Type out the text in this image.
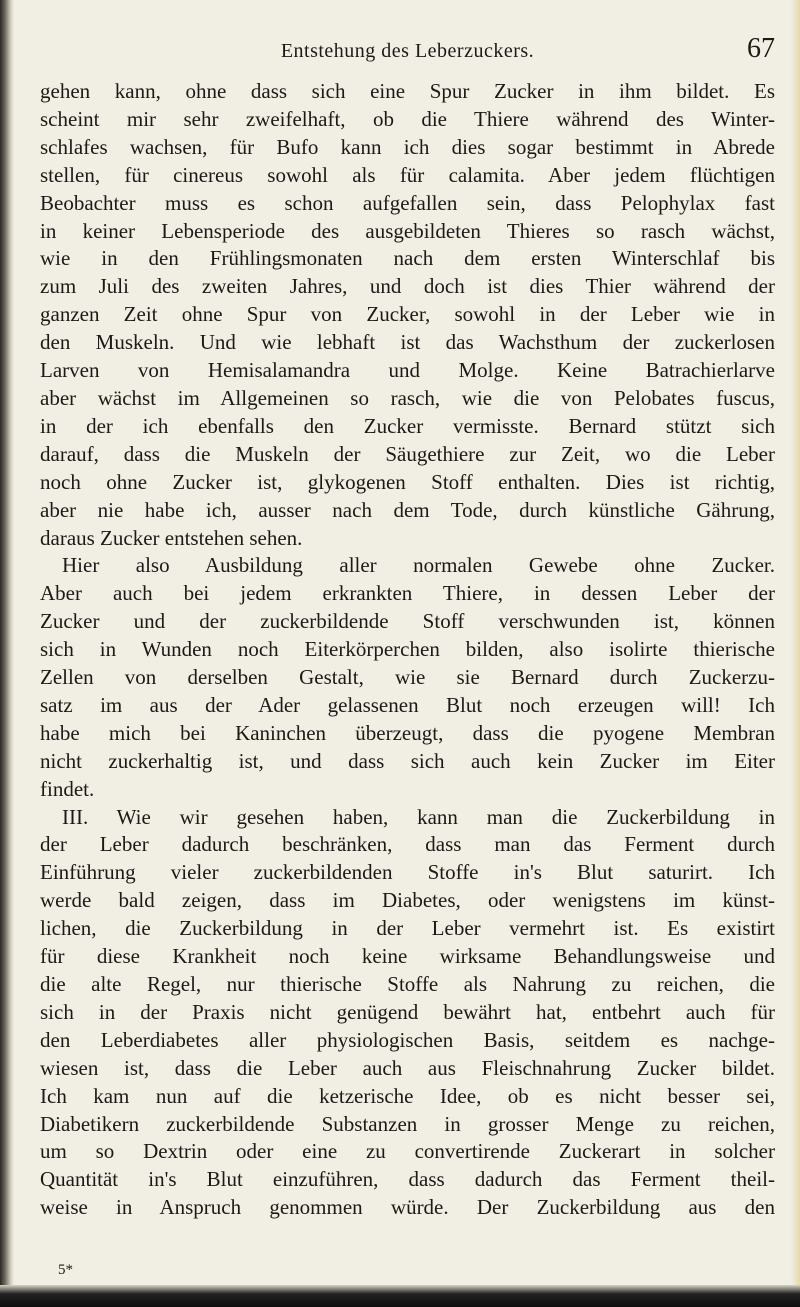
Entstehung des Leberzuckers.	67
gehen kann, ohne dass sich eine Spur Zucker in ihm bildet. Es
scheint mir sehr zweifelhaft, ob die Thiere während des Winter-
schlafes wachsen, für Bufo kann ich dies sogar bestimmt in Abrede
stellen, für cinereus sowohl als für calamita. Aber jedem flüchtigen
Beobachter muss es schon aufgefallen sein, dass Pelophylax fast
in keiner Lebensperiode des ausgebildeten Thieres so rasch wächst,
wie in den Frühlingsmonaten nach dem ersten Winterschlaf bis
zum Juli des zweiten Jahres, und doch ist dies Thier während der
ganzen Zeit ohne Spur von Zucker, sowohl in der Leber wie in
den Muskeln. Und wie lebhaft ist das Wachsthum der zuckerlosen
Larven von Hemisalamandra und Molge. Keine Batrachierlarve
aber wächst im Allgemeinen so rasch, wie die von Pelobates fuscus,
in der ich ebenfalls den Zucker vermisste. Bernard stützt sich
darauf, dass die Muskeln der Säugethiere zur Zeit, wo die Leber
noch ohne Zucker ist, glykogenen Stoff enthalten. Dies ist richtig,
aber nie habe ich, ausser nach dem Tode, durch künstliche Gährung,
daraus Zucker entstehen sehen.
Hier also Ausbildung aller normalen Gewebe ohne Zucker.
Aber auch bei jedem erkrankten Thiere, in dessen Leber der
Zucker und der zuckerbildende Stoff verschwunden ist, können
sich in Wunden noch Eiterkörperchen bilden, also isolirte thierische
Zellen von derselben Gestalt, wie sie Bernard durch Zuckerzu-
satz im aus der Ader gelassenen Blut noch erzeugen will! Ich
habe mich bei Kaninchen überzeugt, dass die pyogene Membran
nicht zuckerhaltig ist, und dass sich auch kein Zucker im Eiter
findet.
III. Wie wir gesehen haben, kann man die Zuckerbildung in
der Leber dadurch beschränken, dass man das Ferment durch
Einführung vieler zuckerbildenden Stoffe in's Blut saturirt. Ich
werde bald zeigen, dass im Diabetes, oder wenigstens im künst-
lichen, die Zuckerbildung in der Leber vermehrt ist. Es existirt
für diese Krankheit noch keine wirksame Behandlungsweise und
die alte Regel, nur thierische Stoffe als Nahrung zu reichen, die
sich in der Praxis nicht genügend bewährt hat, entbehrt auch für
den Leberdiabetes aller physiologischen Basis, seitdem es nachge-
wiesen ist, dass die Leber auch aus Fleischnahrung Zucker bildet.
Ich kam nun auf die ketzerische Idee, ob es nicht besser sei,
Diabetikern zuckerbildende Substanzen in grosser Menge zu reichen,
um so Dextrin oder eine zu convertirende Zuckerart in solcher
Quantität in's Blut einzuführen, dass dadurch das Ferment theil-
weise in Anspruch genommen würde. Der Zuckerbildung aus den
5*
